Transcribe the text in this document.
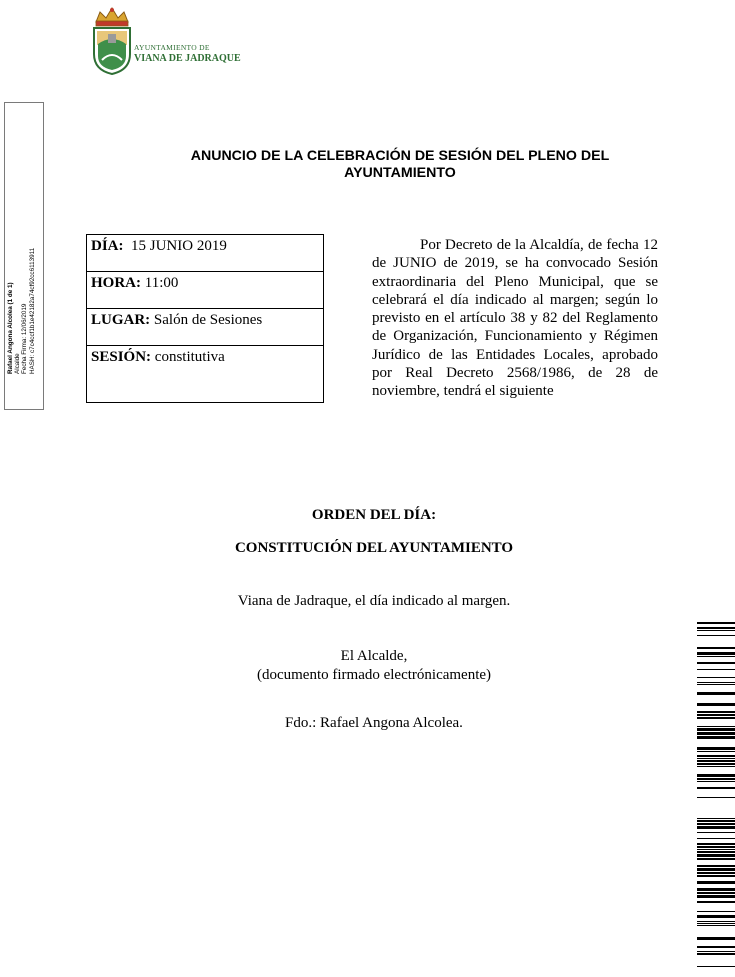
AYUNTAMIENTO DE
VIANA DE JADRAQUE
Rafael Angona Alcolea (1 de 1) Alcalde Fecha Firma: 12/06/2019 HASH: c7c4ccf1b1e42182a74cf92cc6113911
ANUNCIO DE LA CELEBRACIÓN DE SESIÓN DEL PLENO DEL AYUNTAMIENTO
DÍA: 15 JUNIO 2019
HORA: 11:00
LUGAR: Salón de Sesiones
SESIÓN: constitutiva
Por Decreto de la Alcaldía, de fecha 12 de JUNIO de 2019, se ha convocado Sesión extraordinaria del Pleno Municipal, que se celebrará el día indicado al margen; según lo previsto en el artículo 38 y 82 del Reglamento de Organización, Funcionamiento y Régimen Jurídico de las Entidades Locales, aprobado por Real Decreto 2568/1986, de 28 de noviembre, tendrá el siguiente
ORDEN DEL DÍA:
CONSTITUCIÓN DEL AYUNTAMIENTO
Viana de Jadraque, el día indicado al margen.
El Alcalde,
(documento firmado electrónicamente)
Fdo.: Rafael Angona Alcolea.
